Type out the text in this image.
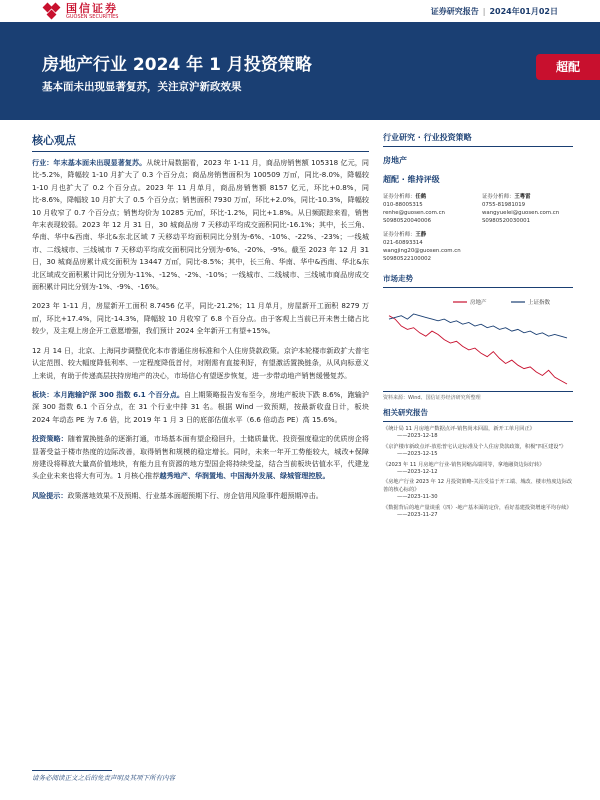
国信证券
GUOSEN SECURITIES
证券研究报告 | 2024年01月02日
房地产行业 2024 年 1 月投资策略
基本面未出现显著复苏，关注京沪新政效果
超配
核心观点

行业：年末基本面未出现显著复苏。从统计局数据看，2023 年 1-11 月，商品房销售额 105318 亿元，同比-5.2%，降幅较 1-10 月扩大了 0.3 个百分点；商品房销售面积为 100509 万㎡，同比-8.0%，降幅较 1-10 月也扩大了 0.2 个百分点。2023 年 11 月单月，商品房销售额 8157 亿元，环比+0.8%，同比-8.6%，降幅较 10 月扩大了 0.5 个百分点；销售面积 7930 万㎡，环比+2.0%，同比-10.3%，降幅较 10 月收窄了 0.7 个百分点；销售均价为 10285 元/㎡，环比-1.2%，同比+1.8%。从日频跟踪来看，销售年末表现较弱。2023 年 12 月 31 日，30 城商品房 7 天移动平均成交面积同比-16.1%；其中，长三角、华南、华中&西南、华北&东北区域 7 天移动平均面积同比分别为-6%、-10%、-22%、-23%；一线城市、二线城市、三线城市 7 天移动平均成交面积同比分别为-6%、-20%、-9%。截至 2023 年 12 月 31 日，30 城商品房累计成交面积为 13447 万㎡，同比-8.5%；其中，长三角、华南、华中&西南、华北&东北区域成交面积累计同比分别为-11%、-12%、-2%、-10%；一线城市、二线城市、三线城市商品房成交面积累计同比分别为-1%、-9%、-16%。

2023 年 1-11 月，房屋新开工面积 8.7456 亿平，同比-21.2%；11 月单月，房屋新开工面积 8279 万㎡，环比+17.4%，同比-14.3%，降幅较 10 月收窄了 6.8 个百分点。由于客观上当前已开未售土储占比较少，及主观上房企开工意愿增强，我们预计 2024 全年新开工有望+15%。

12 月 14 日，北京、上海同步调整优化本市普通住房标准和个人住房贷款政策。京沪本轮楼市新政扩大普宅认定范围、较大幅度降低利率、一定程度降低首付，对刚需有直接利好，有望激活置换链条，从风向标意义上来说，有助于传递高层扶持房地产的决心，市场信心有望逐步恢复，进一步带动地产销售缓慢复苏。

板块：本月跑输沪深 300 指数 6.1 个百分点。自上期策略报告发布至今，房地产板块下跌 8.6%，跑输沪深 300 指数 6.1 个百分点，在 31 个行业中排 31 名。根据 Wind 一致预期，按最新收盘日计，板块 2024 年动态 PE 为 7.6 倍，比 2019 年 1 月 3 日的底部估值水平（6.6 倍动态 PE）高 15.6%。

投资策略：随着置换链条的逐渐打通，市场基本面有望企稳回升，土储质量优、投资强度稳定的优质房企将显著受益于楼市热度的边际改善，取得销售和规模的稳定增长。同时，未来一年开工势能较大，城改+保障房建设将释放大量高价值地块，有能力且有资源的地方型国企将持续受益，结合当前板块估值水平，代建龙头企业未来也将大有可为。1 月核心推荐越秀地产、华润置地、中国海外发展、绿城管理控股。

风险提示：政策落地效果不及预期、行业基本面超预期下行、房企信用风险事件超预期冲击。

行业研究 · 行业投资策略
房地产
超配 · 维持评级
证券分析师：任鹤
010-88005315
renhe@guosen.com.cn
S0980520040006
证券分析师：王粤雷
0755-81981019
wangyuelei@guosen.com.cn
S0980520030001
证券分析师：王静
021-60893314
wangjing20@guosen.com.cn
S0980522100002
市场走势
房地产	上证指数
资料来源：Wind、国信证券经济研究所整理
相关研究报告
《统计局 11 月房地产数据点评-销售尚未回温，新开工单月回正》
——2023-12-18
《京沪楼市新政点评-放松普宅认定标准及个人住房贷款政策，积极"四区建设"》
——2023-12-15
《2023 年 11 月房地产行业-销售同缩高端同等，拿地融资边际好转》
——2023-12-12
《房地产行业 2023 年 12 月投资策略-关注受益于开工端、城改、楼市热度边际改善的核心标的》
——2023-11-30
《数据背后的地产量谈重（四）-地产基本面的定价，看好基建投资增速平均存续》
——2023-11-27
请务必阅读正文之后的免责声明及其项下所有内容
